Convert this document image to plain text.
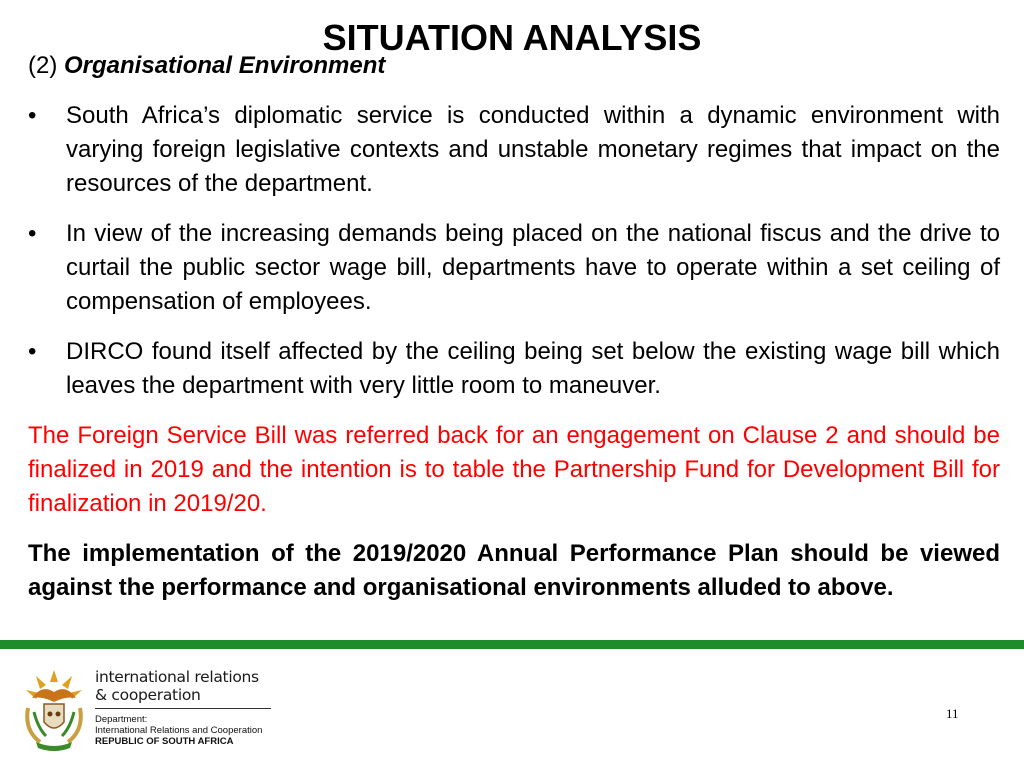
SITUATION ANALYSIS
(2) Organisational Environment
• South Africa’s diplomatic service is conducted within a dynamic environment with varying foreign legislative contexts and unstable monetary regimes that impact on the resources of the department.
• In view of the increasing demands being placed on the national fiscus and the drive to curtail the public sector wage bill, departments have to operate within a set ceiling of compensation of employees.
• DIRCO found itself affected by the ceiling being set below the existing wage bill which leaves the department with very little room to maneuver.
The Foreign Service Bill was referred back for an engagement on Clause 2 and should be finalized in 2019 and the intention is to table the Partnership Fund for Development Bill for finalization in 2019/20.
The implementation of the 2019/2020 Annual Performance Plan should be viewed against the performance and organisational environments alluded to above.
international relations
& cooperation
Department:
International Relations and Cooperation
REPUBLIC OF SOUTH AFRICA
11
